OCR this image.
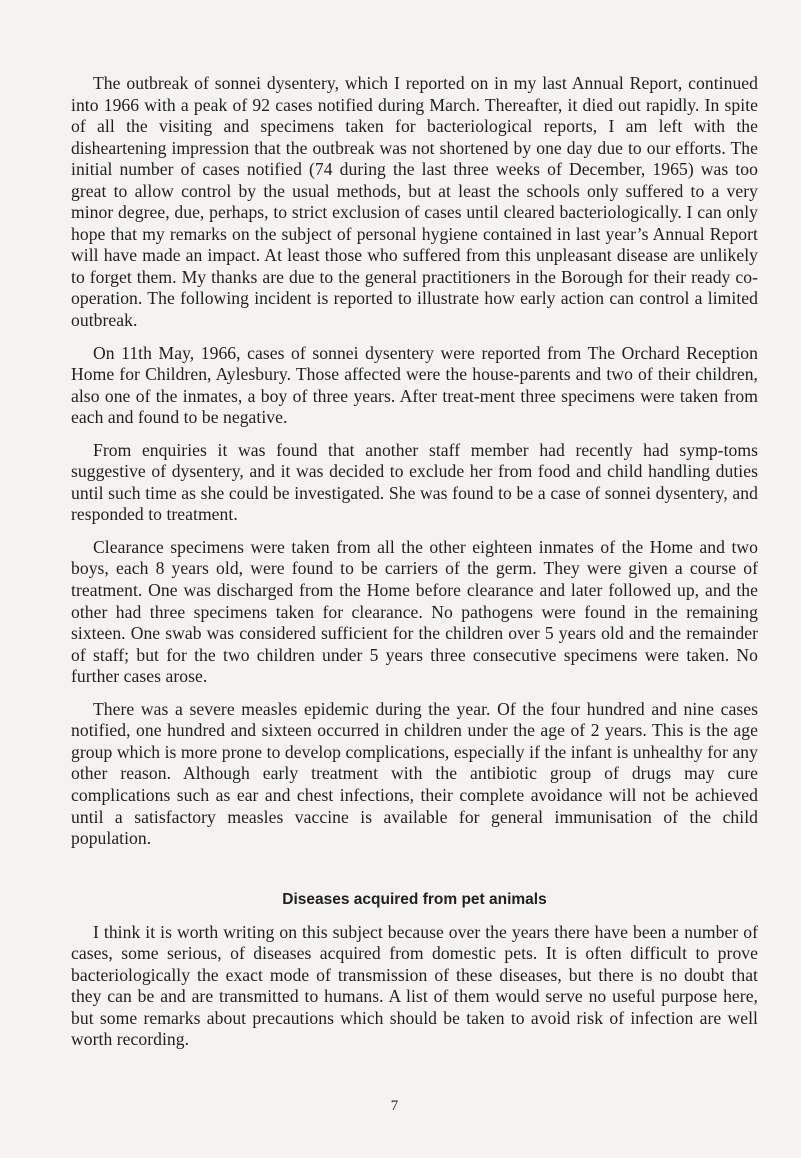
The outbreak of sonnei dysentery, which I reported on in my last Annual Report, continued into 1966 with a peak of 92 cases notified during March. Thereafter, it died out rapidly. In spite of all the visiting and specimens taken for bacteriological reports, I am left with the disheartening impression that the outbreak was not shortened by one day due to our efforts. The initial number of cases notified (74 during the last three weeks of December, 1965) was too great to allow control by the usual methods, but at least the schools only suffered to a very minor degree, due, perhaps, to strict exclusion of cases until cleared bacteriologically. I can only hope that my remarks on the subject of personal hygiene contained in last year’s Annual Report will have made an impact. At least those who suffered from this unpleasant disease are unlikely to forget them. My thanks are due to the general practitioners in the Borough for their ready co-operation. The following incident is reported to illustrate how early action can control a limited outbreak.

On 11th May, 1966, cases of sonnei dysentery were reported from The Orchard Reception Home for Children, Aylesbury. Those affected were the house-parents and two of their children, also one of the inmates, a boy of three years. After treat-ment three specimens were taken from each and found to be negative.

From enquiries it was found that another staff member had recently had symp-toms suggestive of dysentery, and it was decided to exclude her from food and child handling duties until such time as she could be investigated. She was found to be a case of sonnei dysentery, and responded to treatment.

Clearance specimens were taken from all the other eighteen inmates of the Home and two boys, each 8 years old, were found to be carriers of the germ. They were given a course of treatment. One was discharged from the Home before clearance and later followed up, and the other had three specimens taken for clearance. No pathogens were found in the remaining sixteen. One swab was considered sufficient for the children over 5 years old and the remainder of staff; but for the two children under 5 years three consecutive specimens were taken. No further cases arose.

There was a severe measles epidemic during the year. Of the four hundred and nine cases notified, one hundred and sixteen occurred in children under the age of 2 years. This is the age group which is more prone to develop complications, especially if the infant is unhealthy for any other reason. Although early treatment with the antibiotic group of drugs may cure complications such as ear and chest infections, their complete avoidance will not be achieved until a satisfactory measles vaccine is available for general immunisation of the child population.

Diseases acquired from pet animals

I think it is worth writing on this subject because over the years there have been a number of cases, some serious, of diseases acquired from domestic pets. It is often difficult to prove bacteriologically the exact mode of transmission of these diseases, but there is no doubt that they can be and are transmitted to humans. A list of them would serve no useful purpose here, but some remarks about precautions which should be taken to avoid risk of infection are well worth recording.

7
